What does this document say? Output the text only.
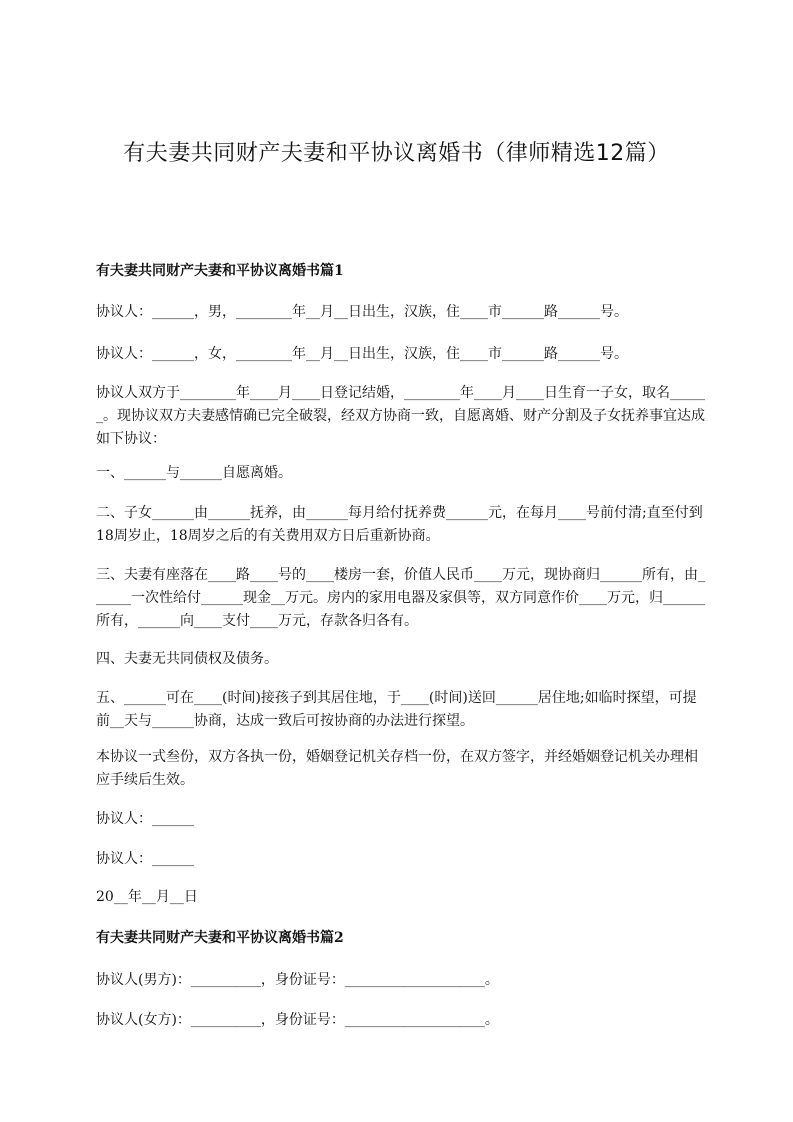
有夫妻共同财产夫妻和平协议离婚书（律师精选12篇）
有夫妻共同财产夫妻和平协议离婚书篇1

协议人：______，男，________年__月__日出生，汉族，住____市______路______号。

协议人：______，女，________年__月__日出生，汉族，住____市______路______号。

协议人双方于________年____月____日登记结婚，________年____月____日生育一子女，取名______。现协议双方夫妻感情确已完全破裂，经双方协商一致，自愿离婚、财产分割及子女抚养事宜达成如下协议：

一、______与______自愿离婚。

二、子女______由______抚养，由______每月给付抚养费______元，在每月____号前付清;直至付到18周岁止，18周岁之后的有关费用双方日后重新协商。

三、夫妻有座落在____路____号的____楼房一套，价值人民币____万元，现协商归______所有，由______一次性给付______现金__万元。房内的家用电器及家俱等，双方同意作价____万元，归______所有，______向____支付____万元，存款各归各有。

四、夫妻无共同债权及债务。

五、______可在____(时间)接孩子到其居住地，于____(时间)送回______居住地;如临时探望，可提前__天与______协商，达成一致后可按协商的办法进行探望。

本协议一式叁份，双方各执一份，婚姻登记机关存档一份，在双方签字，并经婚姻登记机关办理相应手续后生效。

协议人：______

协议人：______

20__年__月__日

有夫妻共同财产夫妻和平协议离婚书篇2

协议人(男方)：__________，身份证号：____________________。

协议人(女方)：__________，身份证号：____________________。
